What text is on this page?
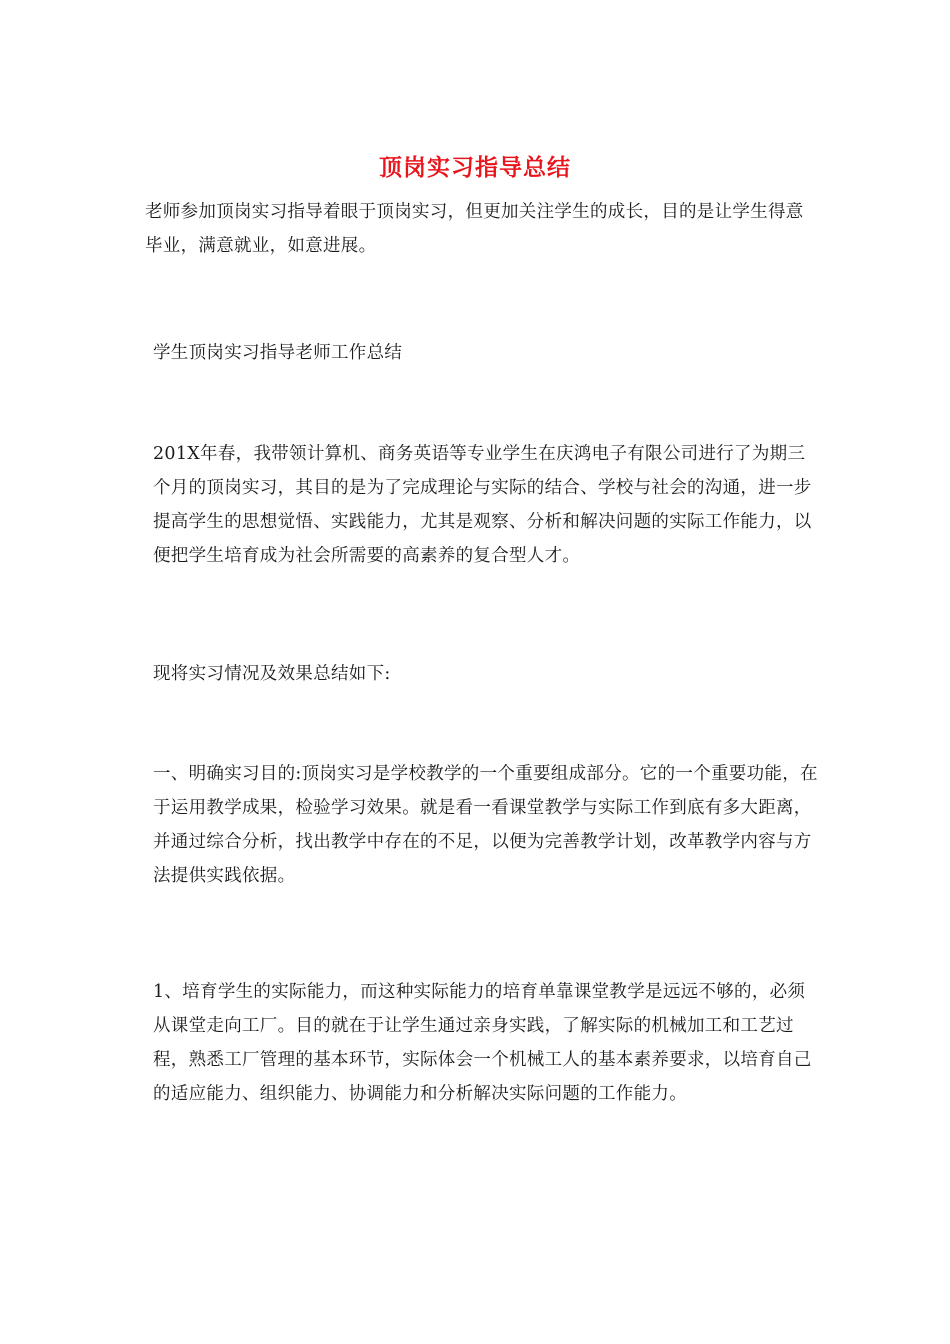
顶岗实习指导总结

老师参加顶岗实习指导着眼于顶岗实习，但更加关注学生的成长，目的是让学生得意毕业，满意就业，如意进展。

学生顶岗实习指导老师工作总结

201X年春，我带领计算机、商务英语等专业学生在庆鸿电子有限公司进行了为期三个月的顶岗实习，其目的是为了完成理论与实际的结合、学校与社会的沟通，进一步提高学生的思想觉悟、实践能力，尤其是观察、分析和解决问题的实际工作能力，以便把学生培育成为社会所需要的高素养的复合型人才。

现将实习情况及效果总结如下:

一、明确实习目的:顶岗实习是学校教学的一个重要组成部分。它的一个重要功能，在于运用教学成果，检验学习效果。就是看一看课堂教学与实际工作到底有多大距离，并通过综合分析，找出教学中存在的不足，以便为完善教学计划，改革教学内容与方法提供实践依据。

1、培育学生的实际能力，而这种实际能力的培育单靠课堂教学是远远不够的，必须从课堂走向工厂。目的就在于让学生通过亲身实践，了解实际的机械加工和工艺过程，熟悉工厂管理的基本环节，实际体会一个机械工人的基本素养要求，以培育自己的适应能力、组织能力、协调能力和分析解决实际问题的工作能力。
